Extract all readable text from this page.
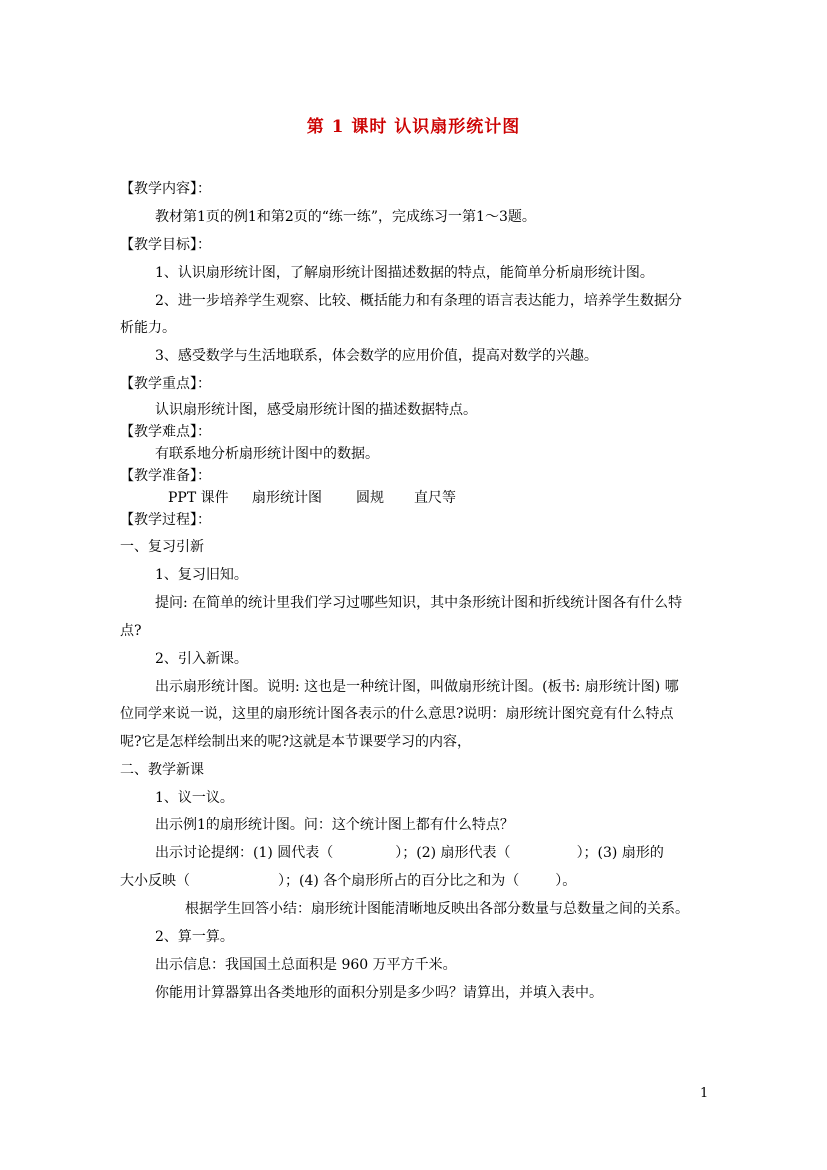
第 1 课时 认识扇形统计图
【教学内容】：
教材第1页的例1和第2页的“练一练”，完成练习一第1～3题。
【教学目标】：
1、认识扇形统计图，了解扇形统计图描述数据的特点，能简单分析扇形统计图。
2、进一步培养学生观察、比较、概括能力和有条理的语言表达能力，培养学生数据分
析能力。
3、感受数学与生活地联系，体会数学的应用价值，提高对数学的兴趣。
【教学重点】：
认识扇形统计图，感受扇形统计图的描述数据特点。
【教学难点】：
有联系地分析扇形统计图中的数据。
【教学准备】：
PPT 课件 扇形统计图 圆规 直尺等
【教学过程】：
一、复习引新
1、复习旧知。
提问: 在简单的统计里我们学习过哪些知识，其中条形统计图和折线统计图各有什么特
点?
2、引入新课。
出示扇形统计图。说明: 这也是一种统计图，叫做扇形统计图。(板书: 扇形统计图) 哪
位同学来说一说，这里的扇形统计图各表示的什么意思?说明：扇形统计图究竟有什么特点
呢?它是怎样绘制出来的呢?这就是本节课要学习的内容，
二、教学新课
1、议一议。
出示例1的扇形统计图。问：这个统计图上都有什么特点？
出示讨论提纲：(1) 圆代表（	）；(2) 扇形代表（	）；(3) 扇形的
大小反映（	）；(4) 各个扇形所占的百分比之和为（	）。
根据学生回答小结：扇形统计图能清晰地反映出各部分数量与总数量之间的关系。
2、算一算。
出示信息：我国国土总面积是 960 万平方千米。
你能用计算器算出各类地形的面积分别是多少吗？请算出，并填入表中。
1
